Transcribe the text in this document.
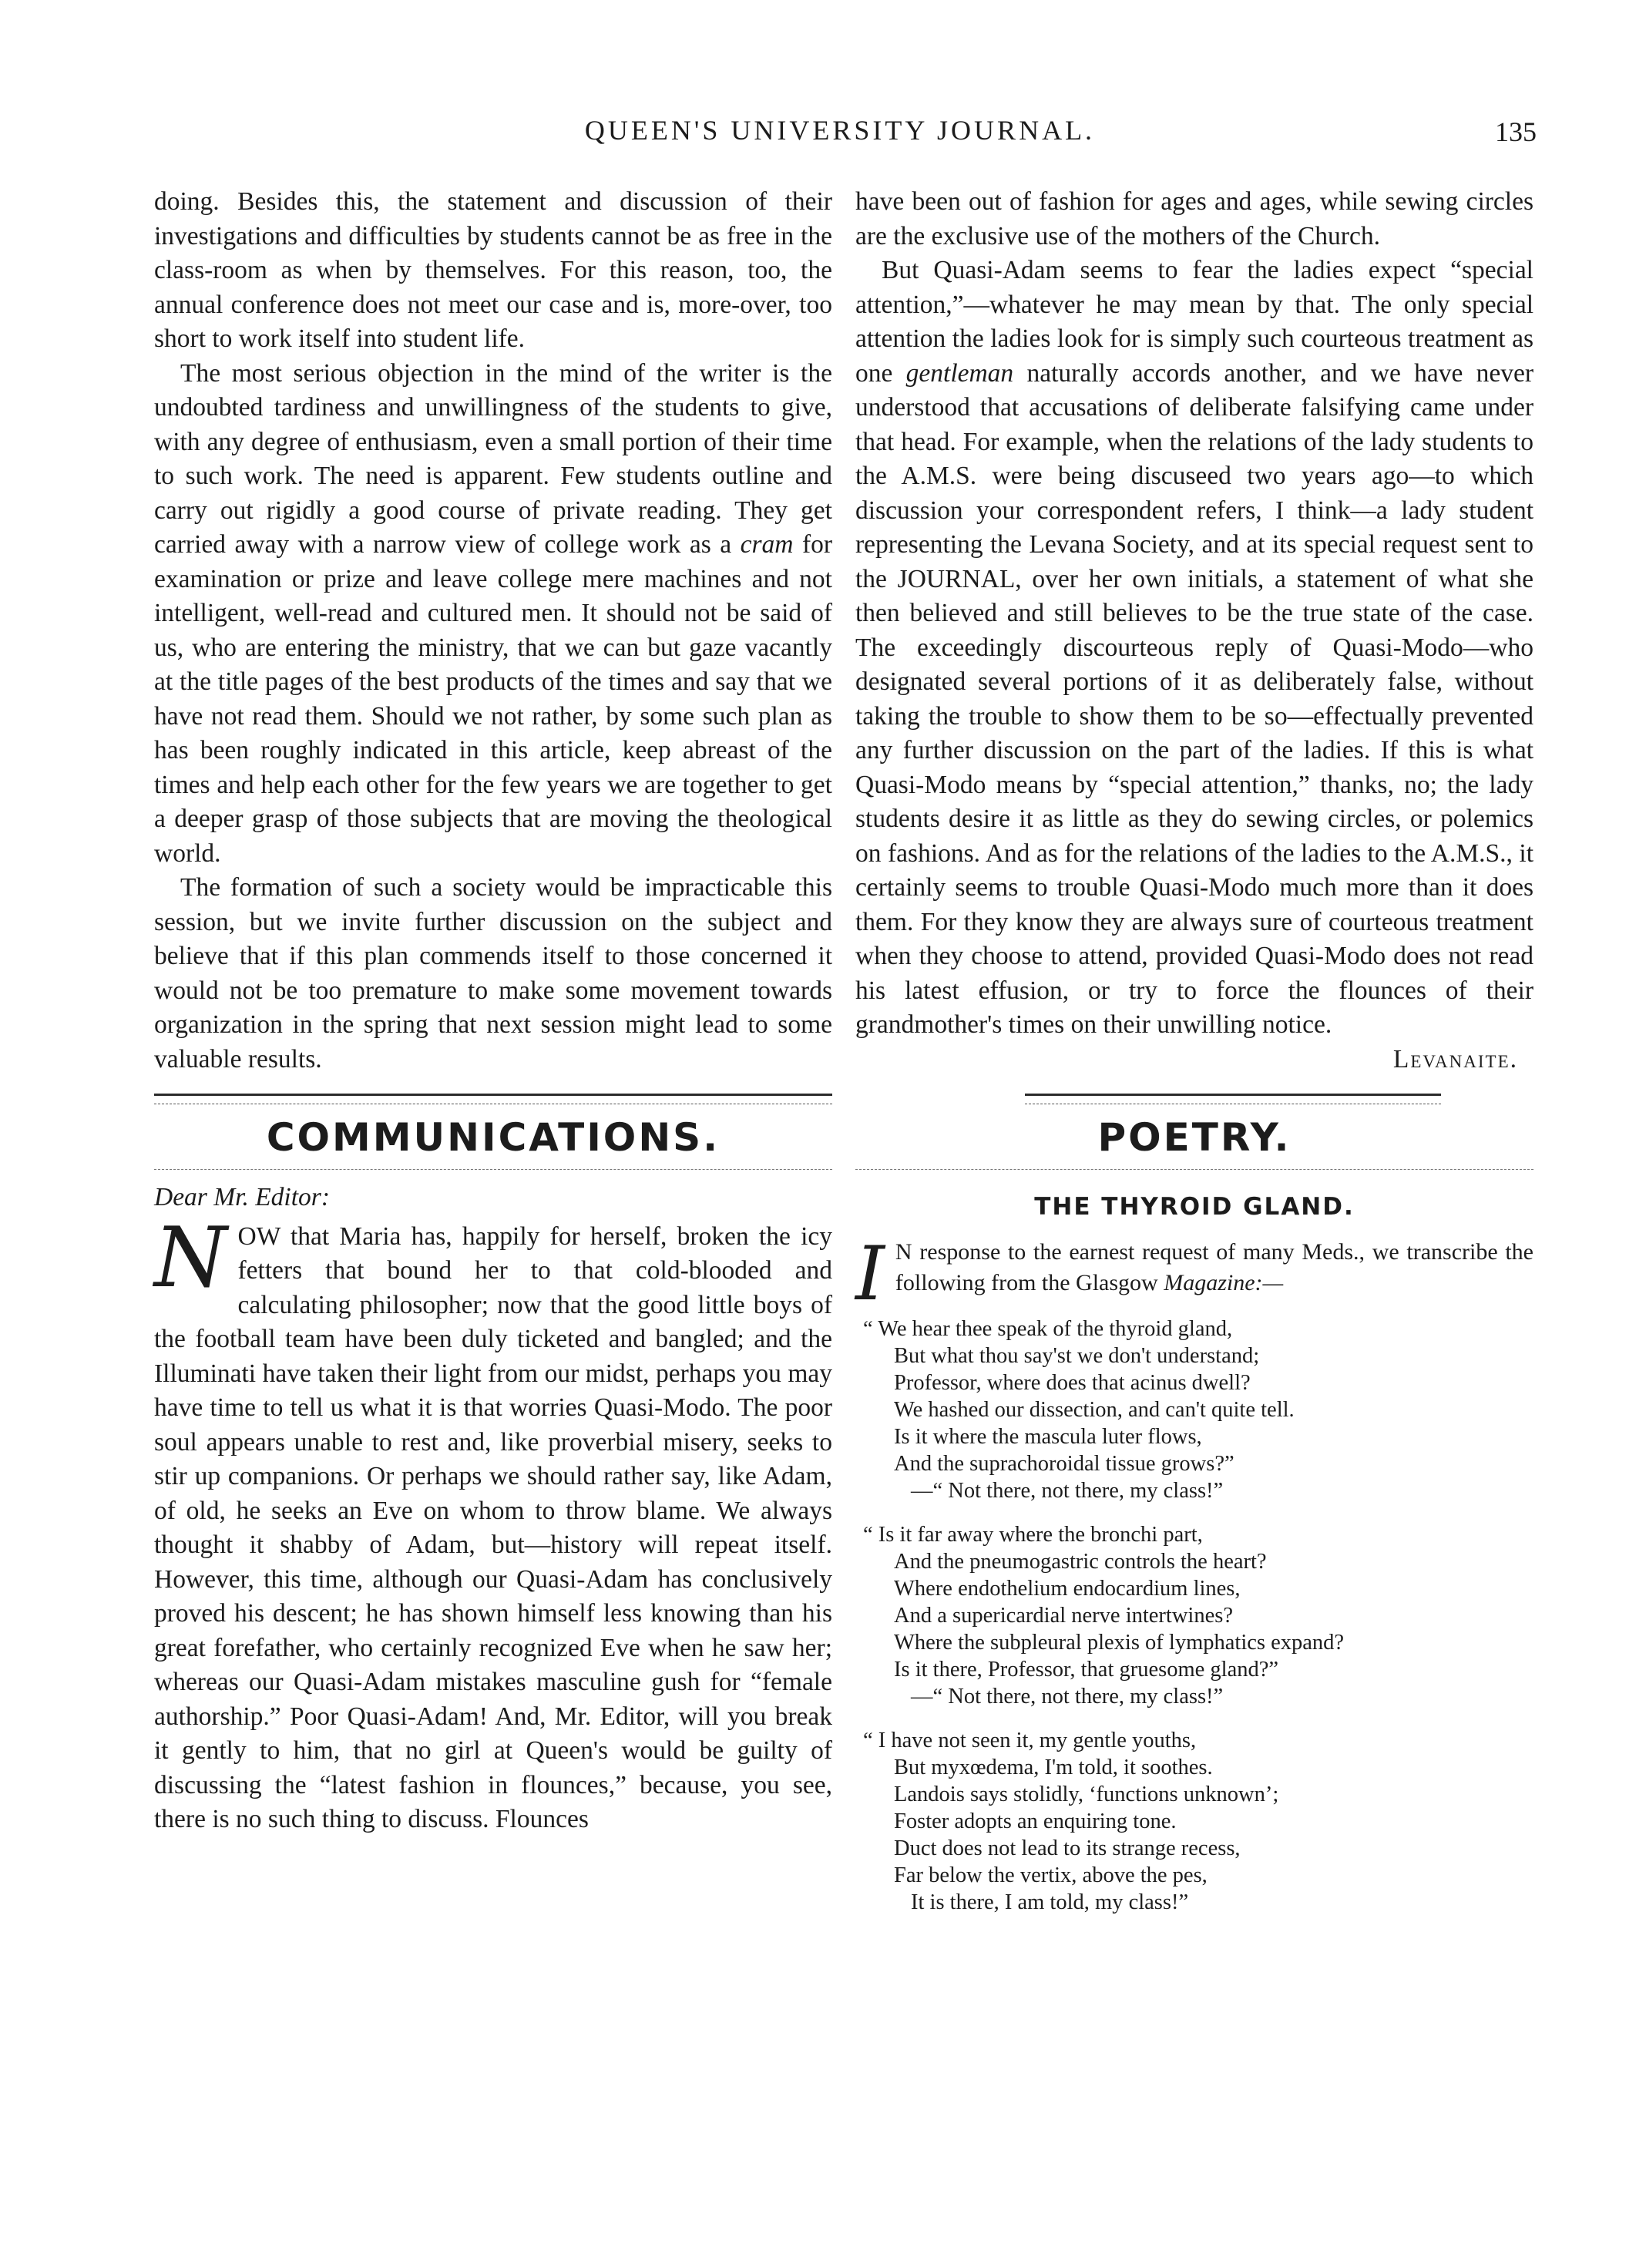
QUEEN'S UNIVERSITY JOURNAL.	135

doing. Besides this, the statement and discussion of their investigations and difficulties by students cannot be as free in the class-room as when by themselves. For this reason, too, the annual conference does not meet our case and is, more-over, too short to work itself into student life.

The most serious objection in the mind of the writer is the undoubted tardiness and unwillingness of the students to give, with any degree of enthusiasm, even a small portion of their time to such work. The need is apparent. Few students outline and carry out rigidly a good course of private reading. They get carried away with a narrow view of college work as a cram for examination or prize and leave college mere machines and not intelligent, well-read and cultured men. It should not be said of us, who are entering the ministry, that we can but gaze vacantly at the title pages of the best products of the times and say that we have not read them. Should we not rather, by some such plan as has been roughly indicated in this article, keep abreast of the times and help each other for the few years we are together to get a deeper grasp of those subjects that are moving the theological world.

The formation of such a society would be impracticable this session, but we invite further discussion on the subject and believe that if this plan commends itself to those concerned it would not be too premature to make some movement towards organization in the spring that next session might lead to some valuable results.

COMMUNICATIONS.
Dear Mr. Editor:

NOW that Maria has, happily for herself, broken the icy fetters that bound her to that cold-blooded and calculating philosopher; now that the good little boys of the football team have been duly ticketed and bangled; and the Illuminati have taken their light from our midst, perhaps you may have time to tell us what it is that worries Quasi-Modo. The poor soul appears unable to rest and, like proverbial misery, seeks to stir up companions. Or perhaps we should rather say, like Adam, of old, he seeks an Eve on whom to throw blame. We always thought it shabby of Adam, but—history will repeat itself. However, this time, although our Quasi-Adam has conclusively proved his descent; he has shown himself less knowing than his great forefather, who certainly recognized Eve when he saw her; whereas our Quasi-Adam mistakes masculine gush for “female authorship.” Poor Quasi-Adam! And, Mr. Editor, will you break it gently to him, that no girl at Queen's would be guilty of discussing the “latest fashion in flounces,” because, you see, there is no such thing to discuss. Flounces

have been out of fashion for ages and ages, while sewing circles are the exclusive use of the mothers of the Church.

But Quasi-Adam seems to fear the ladies expect “special attention,”—whatever he may mean by that. The only special attention the ladies look for is simply such courteous treatment as one gentleman naturally accords another, and we have never understood that accusations of deliberate falsifying came under that head. For example, when the relations of the lady students to the A.M.S. were being discuseed two years ago—to which discussion your correspondent refers, I think—a lady student representing the Levana Society, and at its special request sent to the JOURNAL, over her own initials, a statement of what she then believed and still believes to be the true state of the case. The exceedingly discourteous reply of Quasi-Modo—who designated several portions of it as deliberately false, without taking the trouble to show them to be so—effectually prevented any further discussion on the part of the ladies. If this is what Quasi-Modo means by “special attention,” thanks, no; the lady students desire it as little as they do sewing circles, or polemics on fashions. And as for the relations of the ladies to the A.M.S., it certainly seems to trouble Quasi-Modo much more than it does them. For they know they are always sure of courteous treatment when they choose to attend, provided Quasi-Modo does not read his latest effusion, or try to force the flounces of their grandmother's times on their unwilling notice.

Levanaite.
POETRY.
THE THYROID GLAND.

I N response to the earnest request of many Meds., we transcribe the following from the Glasgow Magazine:—

“ We hear thee speak of the thyroid gland,
But what thou say'st we don't understand;
Professor, where does that acinus dwell?
We hashed our dissection, and can't quite tell.
Is it where the mascula luter flows,
And the suprachoroidal tissue grows?”
—“ Not there, not there, my class!”
“ Is it far away where the bronchi part,
And the pneumogastric controls the heart?
Where endothelium endocardium lines,
And a supericardial nerve intertwines?
Where the subpleural plexis of lymphatics expand?
Is it there, Professor, that gruesome gland?”
—“ Not there, not there, my class!”
“ I have not seen it, my gentle youths,
But myxœdema, I'm told, it soothes.
Landois says stolidly, ‘functions unknown’;
Foster adopts an enquiring tone.
Duct does not lead to its strange recess,
Far below the vertix, above the pes,
It is there, I am told, my class!”
